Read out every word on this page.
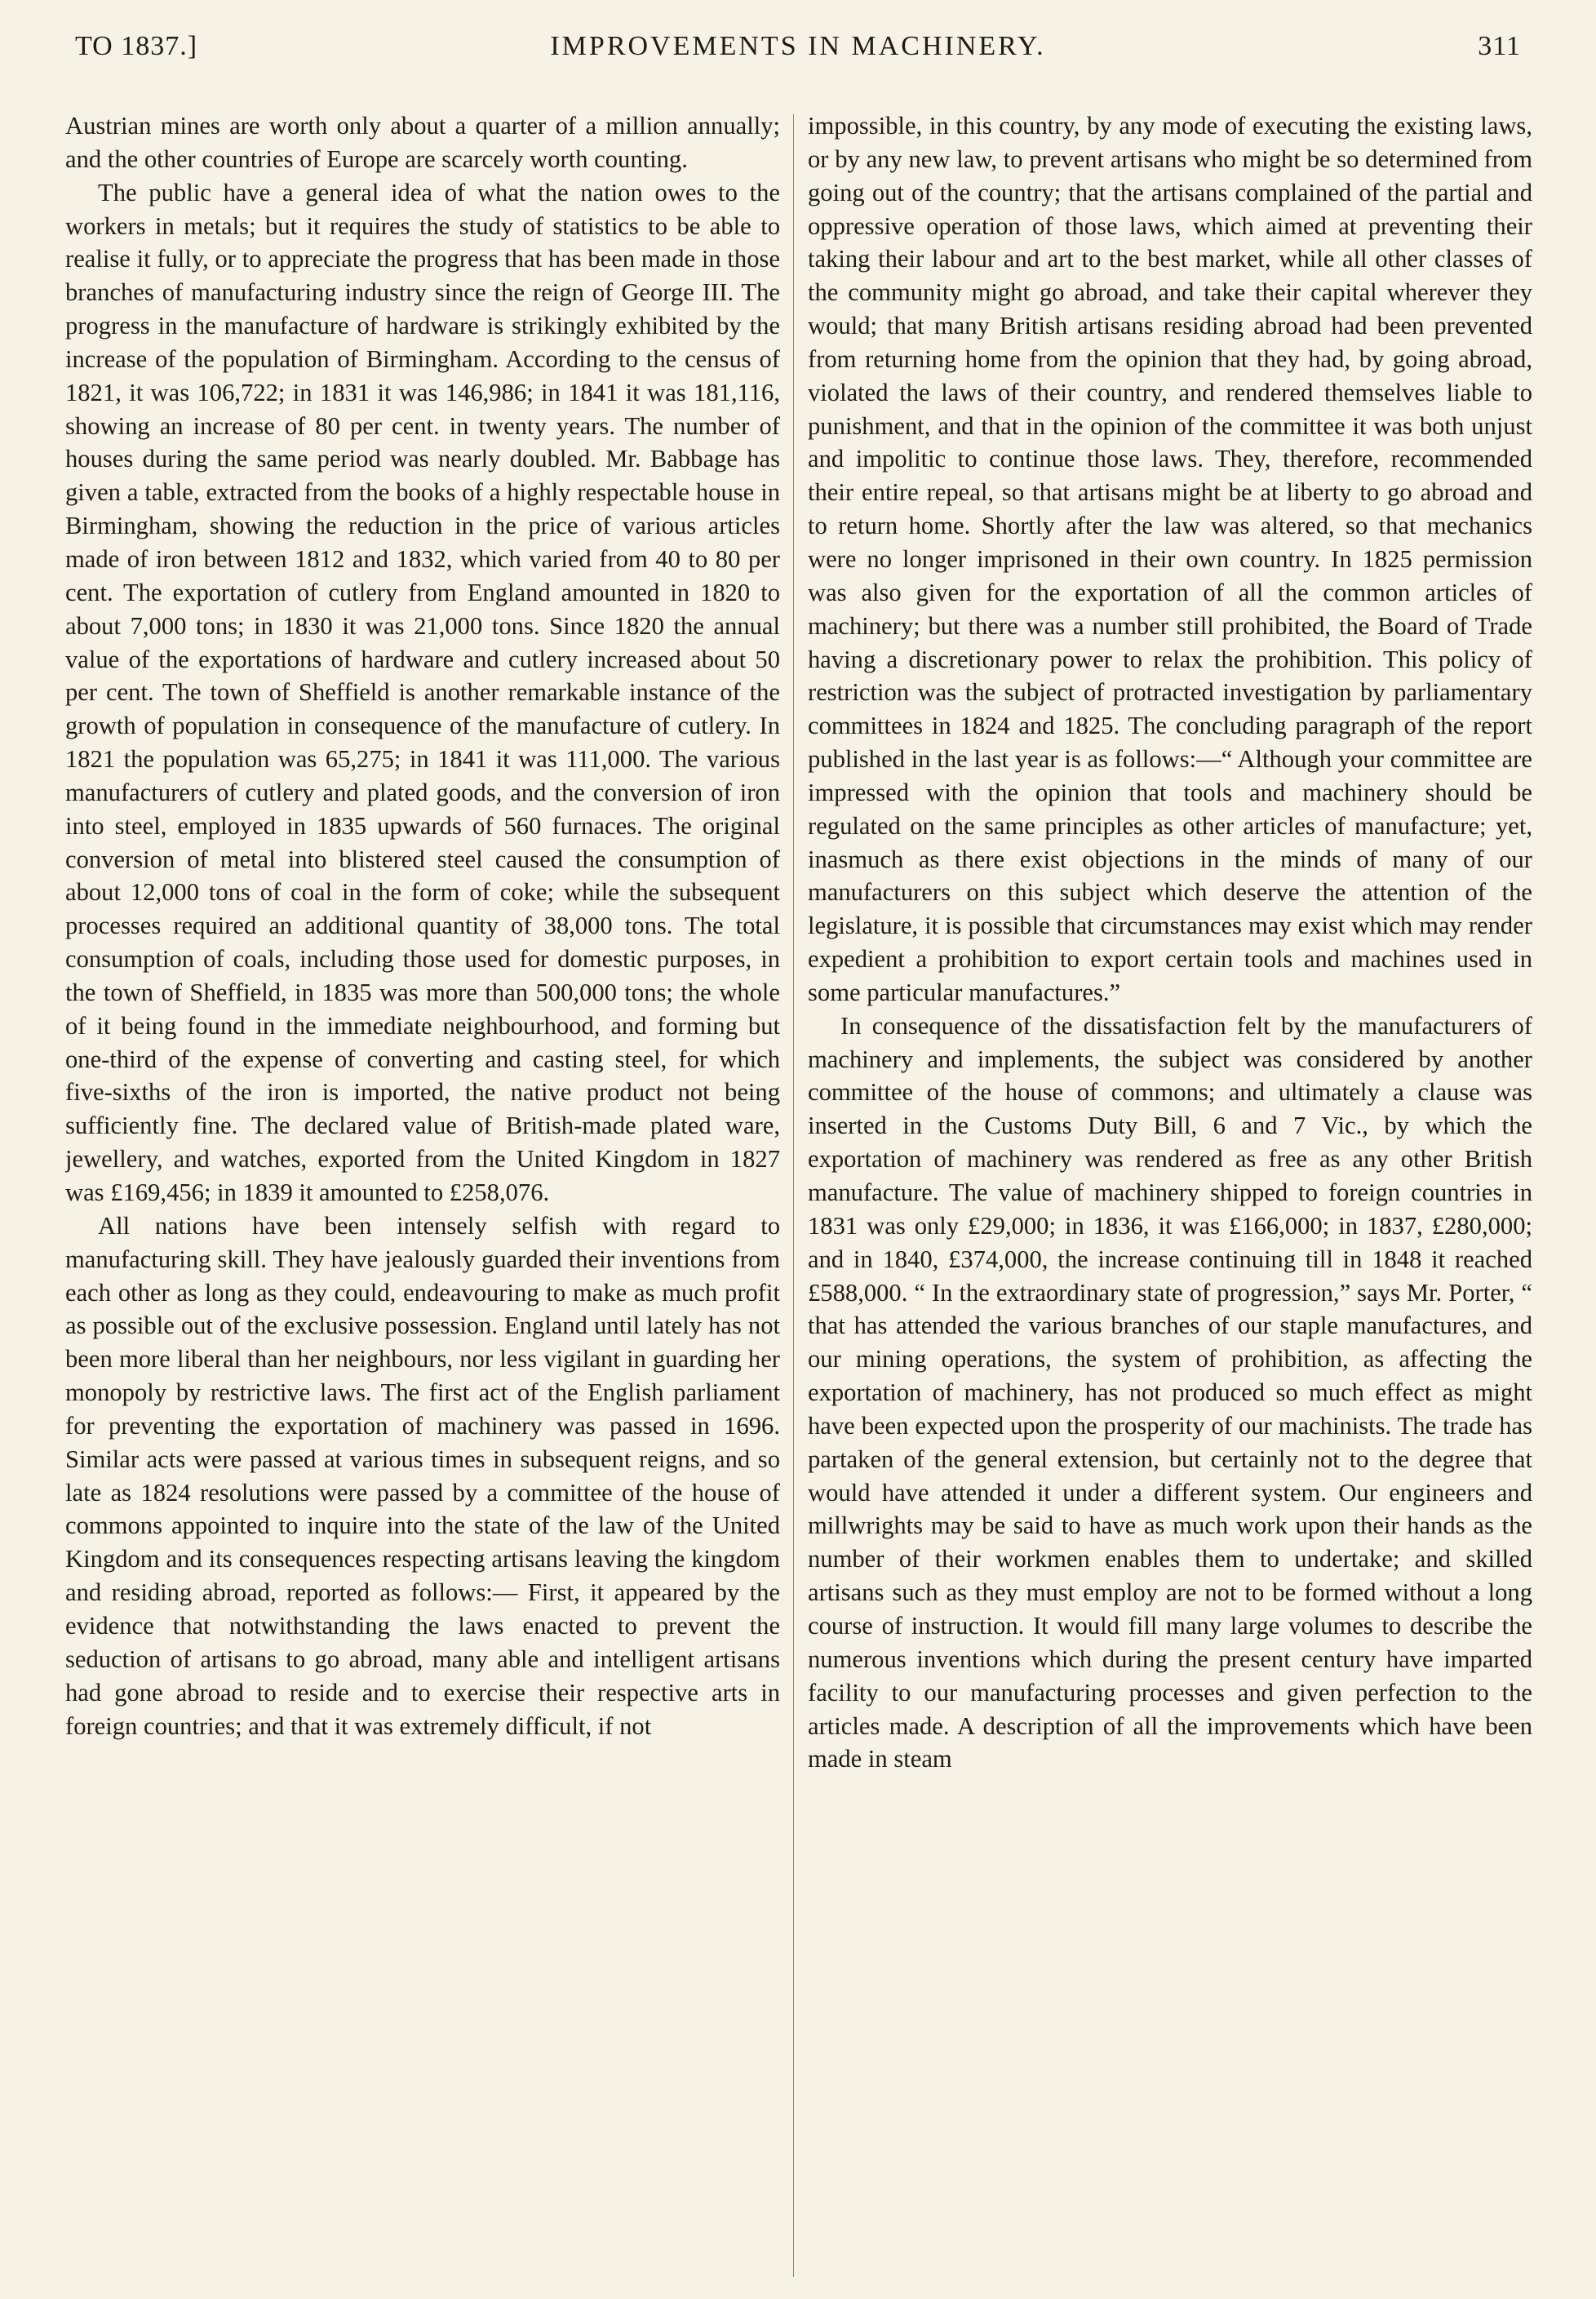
TO 1837.]	IMPROVEMENTS IN MACHINERY.	311

Austrian mines are worth only about a quarter of a million annually; and the other countries of Europe are scarcely worth counting.

The public have a general idea of what the nation owes to the workers in metals; but it requires the study of statistics to be able to realise it fully, or to appreciate the progress that has been made in those branches of manufacturing industry since the reign of George III. The progress in the manufacture of hardware is strikingly exhibited by the increase of the population of Birmingham. According to the census of 1821, it was 106,722; in 1831 it was 146,986; in 1841 it was 181,116, showing an increase of 80 per cent. in twenty years. The number of houses during the same period was nearly doubled. Mr. Babbage has given a table, extracted from the books of a highly respectable house in Birmingham, showing the reduction in the price of various articles made of iron between 1812 and 1832, which varied from 40 to 80 per cent. The exportation of cutlery from England amounted in 1820 to about 7,000 tons; in 1830 it was 21,000 tons. Since 1820 the annual value of the exportations of hardware and cutlery increased about 50 per cent. The town of Sheffield is another remarkable instance of the growth of population in consequence of the manufacture of cutlery. In 1821 the population was 65,275; in 1841 it was 111,000. The various manufacturers of cutlery and plated goods, and the conversion of iron into steel, employed in 1835 upwards of 560 furnaces. The original conversion of metal into blistered steel caused the consumption of about 12,000 tons of coal in the form of coke; while the subsequent processes required an additional quantity of 38,000 tons. The total consumption of coals, including those used for domestic purposes, in the town of Sheffield, in 1835 was more than 500,000 tons; the whole of it being found in the immediate neighbourhood, and forming but one-third of the expense of converting and casting steel, for which five-sixths of the iron is imported, the native product not being sufficiently fine. The declared value of British-made plated ware, jewellery, and watches, exported from the United Kingdom in 1827 was £169,456; in 1839 it amounted to £258,076.

All nations have been intensely selfish with regard to manufacturing skill. They have jealously guarded their inventions from each other as long as they could, endeavouring to make as much profit as possible out of the exclusive possession. England until lately has not been more liberal than her neighbours, nor less vigilant in guarding her monopoly by restrictive laws. The first act of the English parliament for preventing the exportation of machinery was passed in 1696. Similar acts were passed at various times in subsequent reigns, and so late as 1824 resolutions were passed by a committee of the house of commons appointed to inquire into the state of the law of the United Kingdom and its consequences respecting artisans leaving the kingdom and residing abroad, reported as follows:— First, it appeared by the evidence that notwithstanding the laws enacted to prevent the seduction of artisans to go abroad, many able and intelligent artisans had gone abroad to reside and to exercise their respective arts in foreign countries; and that it was extremely difficult, if not

impossible, in this country, by any mode of executing the existing laws, or by any new law, to prevent artisans who might be so determined from going out of the country; that the artisans complained of the partial and oppressive operation of those laws, which aimed at preventing their taking their labour and art to the best market, while all other classes of the community might go abroad, and take their capital wherever they would; that many British artisans residing abroad had been prevented from returning home from the opinion that they had, by going abroad, violated the laws of their country, and rendered themselves liable to punishment, and that in the opinion of the committee it was both unjust and impolitic to continue those laws. They, therefore, recommended their entire repeal, so that artisans might be at liberty to go abroad and to return home. Shortly after the law was altered, so that mechanics were no longer imprisoned in their own country. In 1825 permission was also given for the exportation of all the common articles of machinery; but there was a number still prohibited, the Board of Trade having a discretionary power to relax the prohibition. This policy of restriction was the subject of protracted investigation by parliamentary committees in 1824 and 1825. The concluding paragraph of the report published in the last year is as follows:—“ Although your committee are impressed with the opinion that tools and machinery should be regulated on the same principles as other articles of manufacture; yet, inasmuch as there exist objections in the minds of many of our manufacturers on this subject which deserve the attention of the legislature, it is possible that circumstances may exist which may render expedient a prohibition to export certain tools and machines used in some particular manufactures.”

In consequence of the dissatisfaction felt by the manufacturers of machinery and implements, the subject was considered by another committee of the house of commons; and ultimately a clause was inserted in the Customs Duty Bill, 6 and 7 Vic., by which the exportation of machinery was rendered as free as any other British manufacture. The value of machinery shipped to foreign countries in 1831 was only £29,000; in 1836, it was £166,000; in 1837, £280,000; and in 1840, £374,000, the increase continuing till in 1848 it reached £588,000. “ In the extraordinary state of progression,” says Mr. Porter, “ that has attended the various branches of our staple manufactures, and our mining operations, the system of prohibition, as affecting the exportation of machinery, has not produced so much effect as might have been expected upon the prosperity of our machinists. The trade has partaken of the general extension, but certainly not to the degree that would have attended it under a different system. Our engineers and millwrights may be said to have as much work upon their hands as the number of their workmen enables them to undertake; and skilled artisans such as they must employ are not to be formed without a long course of instruction. It would fill many large volumes to describe the numerous inventions which during the present century have imparted facility to our manufacturing processes and given perfection to the articles made. A description of all the improvements which have been made in steam
